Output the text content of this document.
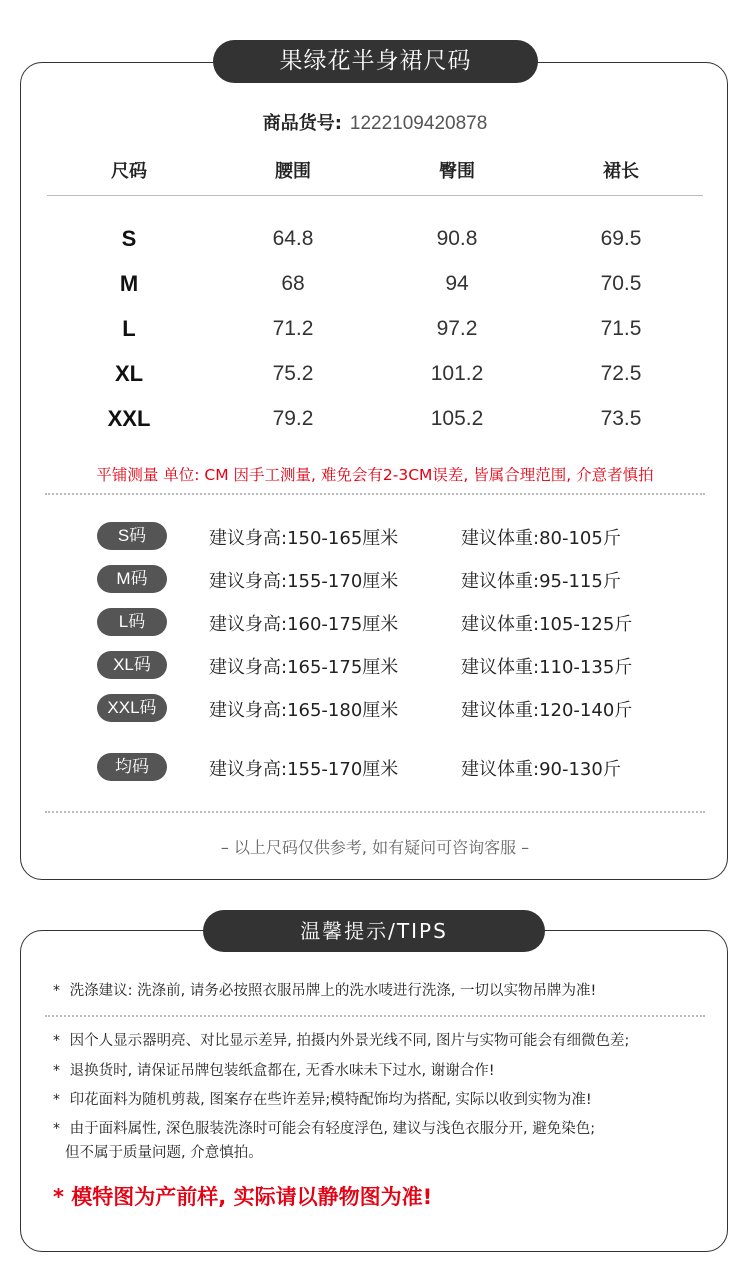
商品货号: 1222109420878
尺码	腰围	臀围	裙长
S	64.8	90.8	69.5
M	68	94	70.5
L	71.2	97.2	71.5
XL	75.2	101.2	72.5
XXL	79.2	105.2	73.5
平铺测量 单位: CM 因手工测量, 难免会有2-3CM误差, 皆属合理范围, 介意者慎拍
S码	建议身高:150-165厘米	建议体重:80-105斤
M码	建议身高:155-170厘米	建议体重:95-115斤
L码	建议身高:160-175厘米	建议体重:105-125斤
XL码	建议身高:165-175厘米	建议体重:110-135斤
XXL码	建议身高:165-180厘米	建议体重:120-140斤
均码	建议身高:155-170厘米	建议体重:90-130斤
– 以上尺码仅供参考, 如有疑问可咨询客服 –
果绿花半身裙尺码
* 洗涤建议: 洗涤前, 请务必按照衣服吊牌上的洗水唛进行洗涤, 一切以实物吊牌为准!
* 因个人显示器明亮、对比显示差异, 拍摄内外景光线不同, 图片与实物可能会有细微色差;
* 退换货时, 请保证吊牌包装纸盒都在, 无香水味未下过水, 谢谢合作!
* 印花面料为随机剪裁, 图案存在些许差异;模特配饰均为搭配, 实际以收到实物为准!
* 由于面料属性, 深色服装洗涤时可能会有轻度浮色, 建议与浅色衣服分开, 避免染色;
但不属于质量问题, 介意慎拍。
* 模特图为产前样, 实际请以静物图为准!
温馨提示/TIPS
